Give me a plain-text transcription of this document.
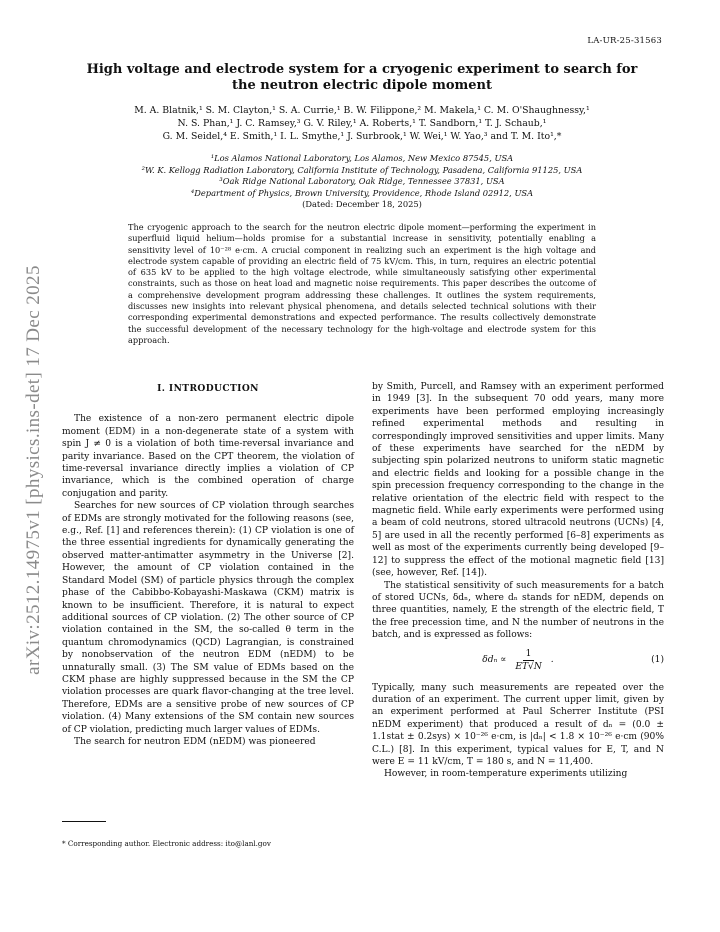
LA-UR-25-31563
arXiv:2512.14975v1 [physics.ins-det] 17 Dec 2025
High voltage and electrode system for a cryogenic experiment to search for the neutron electric dipole moment
M. A. Blatnik,¹ S. M. Clayton,¹ S. A. Currie,¹ B. W. Filippone,² M. Makela,¹ C. M. O'Shaughnessy,¹
N. S. Phan,¹ J. C. Ramsey,³ G. V. Riley,¹ A. Roberts,¹ T. Sandborn,¹ T. J. Schaub,¹
G. M. Seidel,⁴ E. Smith,¹ I. L. Smythe,¹ J. Surbrook,¹ W. Wei,¹ W. Yao,³ and T. M. Ito¹,*
¹Los Alamos National Laboratory, Los Alamos, New Mexico 87545, USA
²W. K. Kellogg Radiation Laboratory, California Institute of Technology, Pasadena, California 91125, USA
³Oak Ridge National Laboratory, Oak Ridge, Tennessee 37831, USA
⁴Department of Physics, Brown University, Providence, Rhode Island 02912, USA
(Dated: December 18, 2025)
The cryogenic approach to the search for the neutron electric dipole moment—performing the experiment in superfluid liquid helium—holds promise for a substantial increase in sensitivity, potentially enabling a sensitivity level of 10⁻²⁸ e·cm. A crucial component in realizing such an experiment is the high voltage and electrode system capable of providing an electric field of 75 kV/cm. This, in turn, requires an electric potential of 635 kV to be applied to the high voltage electrode, while simultaneously satisfying other experimental constraints, such as those on heat load and magnetic noise requirements. This paper describes the outcome of a comprehensive development program addressing these challenges. It outlines the system requirements, discusses new insights into relevant physical phenomena, and details selected technical solutions with their corresponding experimental demonstrations and expected performance. The results collectively demonstrate the successful development of the necessary technology for the high-voltage and electrode system for this approach.
I. INTRODUCTION

The existence of a non-zero permanent electric dipole moment (EDM) in a non-degenerate state of a system with spin J ≠ 0 is a violation of both time-reversal invariance and parity invariance. Based on the CPT theorem, the violation of time-reversal invariance directly implies a violation of CP invariance, which is the combined operation of charge conjugation and parity.

Searches for new sources of CP violation through searches of EDMs are strongly motivated for the following reasons (see, e.g., Ref. [1] and references therein): (1) CP violation is one of the three essential ingredients for dynamically generating the observed matter-antimatter asymmetry in the Universe [2]. However, the amount of CP violation contained in the Standard Model (SM) of particle physics through the complex phase of the Cabibbo-Kobayashi-Maskawa (CKM) matrix is known to be insufficient. Therefore, it is natural to expect additional sources of CP violation. (2) The other source of CP violation contained in the SM, the so-called θ term in the quantum chromodynamics (QCD) Lagrangian, is constrained by nonobservation of the neutron EDM (nEDM) to be unnaturally small. (3) The SM value of EDMs based on the CKM phase are highly suppressed because in the SM the CP violation processes are quark flavor-changing at the tree level. Therefore, EDMs are a sensitive probe of new sources of CP violation. (4) Many extensions of the SM contain new sources of CP violation, predicting much larger values of EDMs.

The search for neutron EDM (nEDM) was pioneered

by Smith, Purcell, and Ramsey with an experiment performed in 1949 [3]. In the subsequent 70 odd years, many more experiments have been performed employing increasingly refined experimental methods and resulting in correspondingly improved sensitivities and upper limits. Many of these experiments have searched for the nEDM by subjecting spin polarized neutrons to uniform static magnetic and electric fields and looking for a possible change in the spin precession frequency corresponding to the change in the relative orientation of the electric field with respect to the magnetic field. While early experiments were performed using a beam of cold neutrons, stored ultracold neutrons (UCNs) [4, 5] are used in all the recently performed [6–8] experiments as well as most of the experiments currently being developed [9–12] to suppress the effect of the motional magnetic field [13] (see, however, Ref. [14]).

The statistical sensitivity of such measurements for a batch of stored UCNs, δdₙ, where dₙ stands for nEDM, depends on three quantities, namely, E the strength of the electric field, T the free precession time, and N the number of neutrons in the batch, and is expressed as follows:

$\delta d_n \propto \frac{1}{ET√N}$ .	(1)

Typically, many such measurements are repeated over the duration of an experiment. The current upper limit, given by an experiment performed at Paul Scherrer Institute (PSI nEDM experiment) that produced a result of dₙ = (0.0 ± 1.1stat ± 0.2sys) × 10⁻²⁶ e·cm, is |dₙ| < 1.8 × 10⁻²⁶ e·cm (90% C.L.) [8]. In this experiment, typical values for E, T, and N were E = 11 kV/cm, T = 180 s, and N = 11,400.

However, in room-temperature experiments utilizing

* Corresponding author. Electronic address: ito@lanl.gov
